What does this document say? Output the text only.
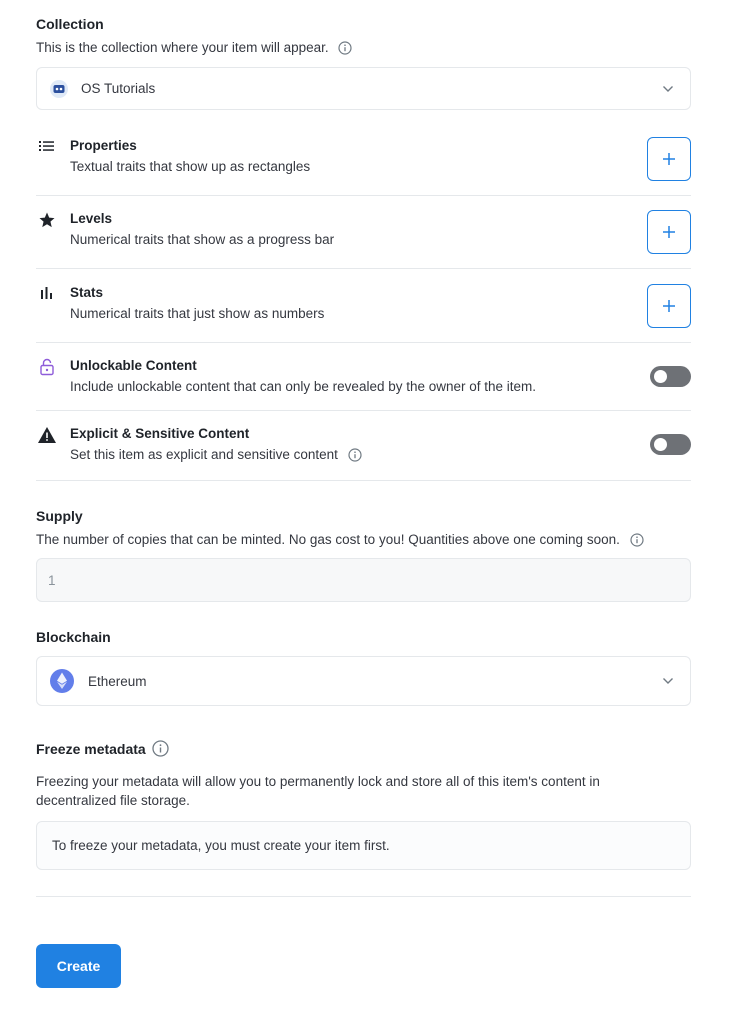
Collection
This is the collection where your item will appear.
OS Tutorials
Properties
Textual traits that show up as rectangles
Levels
Numerical traits that show as a progress bar
Stats
Numerical traits that just show as numbers
Unlockable Content
Include unlockable content that can only be revealed by the owner of the item.
Explicit & Sensitive Content
Set this item as explicit and sensitive content
Supply
The number of copies that can be minted. No gas cost to you! Quantities above one coming soon.
1
Blockchain
Ethereum
Freeze metadata
Freezing your metadata will allow you to permanently lock and store all of this item's content in decentralized file storage.
To freeze your metadata, you must create your item first.
Create
